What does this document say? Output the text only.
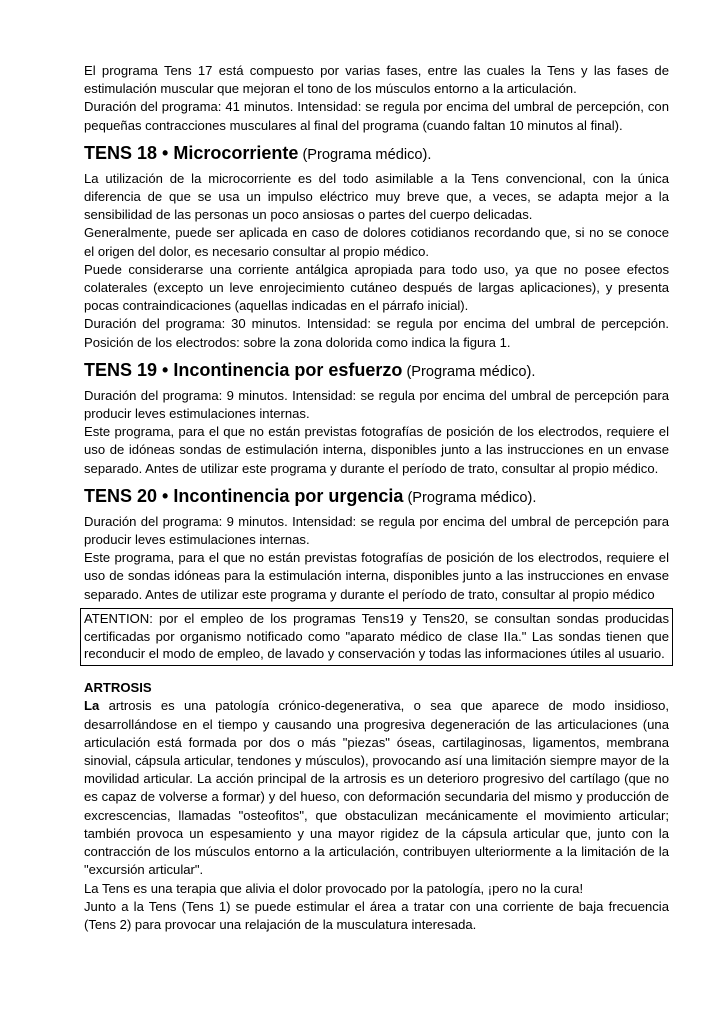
El programa Tens 17 está compuesto por varias fases, entre las cuales la Tens y las fases de estimulación muscular que mejoran el tono de los músculos entorno a la articulación.

Duración del programa: 41 minutos. Intensidad: se regula por encima del umbral de percepción, con pequeñas contracciones musculares al final del programa (cuando faltan 10 minutos al final).

TENS 18 • Microcorriente (Programa médico).

La utilización de la microcorriente es del todo asimilable a la Tens convencional, con la única diferencia de que se usa un impulso eléctrico muy breve que, a veces, se adapta mejor a la sensibilidad de las personas un poco ansiosas o partes del cuerpo delicadas.

Generalmente, puede ser aplicada en caso de dolores cotidianos recordando que, si no se conoce el origen del dolor, es necesario consultar al propio médico.

Puede considerarse una corriente antálgica apropiada para todo uso, ya que no posee efectos colaterales (excepto un leve enrojecimiento cutáneo después de largas aplicaciones), y presenta pocas contraindicaciones (aquellas indicadas en el párrafo inicial).

Duración del programa: 30 minutos. Intensidad: se regula por encima del umbral de percepción. Posición de los electrodos: sobre la zona dolorida como indica la figura 1.

TENS 19 • Incontinencia por esfuerzo (Programa médico).

Duración del programa: 9 minutos. Intensidad: se regula por encima del umbral de percepción para producir leves estimulaciones internas.

Este programa, para el que no están previstas fotografías de posición de los electrodos, requiere el uso de idóneas sondas de estimulación interna, disponibles junto a las instrucciones en un envase separado. Antes de utilizar este programa y durante el período de trato, consultar al propio médico.

TENS 20 • Incontinencia por urgencia (Programa médico).

Duración del programa: 9 minutos. Intensidad: se regula por encima del umbral de percepción para producir leves estimulaciones internas.

Este programa, para el que no están previstas fotografías de posición de los electrodos, requiere el uso de sondas idóneas para la estimulación interna, disponibles junto a las instrucciones en envase separado. Antes de utilizar este programa y durante el período de trato, consultar al propio médico

ATENTION: por el empleo de los programas Tens19 y Tens20, se consultan sondas producidas certificadas por organismo notificado como "aparato médico de clase IIa." Las sondas tienen que reconducir el modo de empleo, de lavado y conservación y todas las informaciones útiles al usuario.

ARTROSIS

La artrosis es una patología crónico-degenerativa, o sea que aparece de modo insidioso, desarrollándose en el tiempo y causando una progresiva degeneración de las articulaciones (una articulación está formada por dos o más "piezas" óseas, cartilaginosas, ligamentos, membrana sinovial, cápsula articular, tendones y músculos), provocando así una limitación siempre mayor de la movilidad articular. La acción principal de la artrosis es un deterioro progresivo del cartílago (que no es capaz de volverse a formar) y del hueso, con deformación secundaria del mismo y producción de excrescencias, llamadas "osteofitos", que obstaculizan mecánicamente el movimiento articular; también provoca un espesamiento y una mayor rigidez de la cápsula articular que, junto con la contracción de los músculos entorno a la articulación, contribuyen ulteriormente a la limitación de la "excursión articular".

La Tens es una terapia que alivia el dolor provocado por la patología, ¡pero no la cura!

Junto a la Tens (Tens 1) se puede estimular el área a tratar con una corriente de baja frecuencia (Tens 2) para provocar una relajación de la musculatura interesada.
